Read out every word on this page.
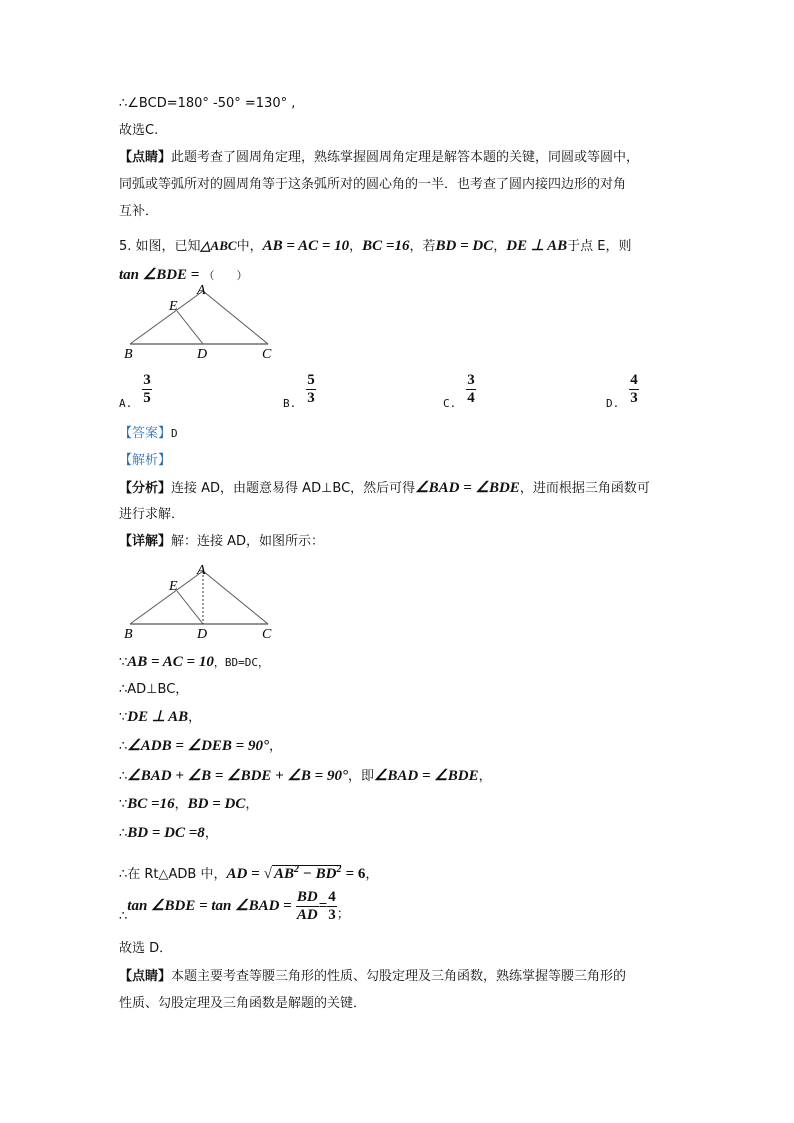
∴∠BCD=180° -50° =130° ,
故选C.
【点睛】此题考查了圆周角定理，熟练掌握圆周角定理是解答本题的关键，同圆或等圆中，
同弧或等弧所对的圆周角等于这条弧所对的圆心角的一半．也考查了圆内接四边形的对角
互补．
5. 如图，已知△ABC中，AB = AC = 10，BC =16，若BD = DC，DE ⊥ AB于点 E，则
tan ∠BDE = （　　）
A
E
B	D	C
$_{A.} \frac{3}{5}$	$_{B.} \frac{5}{3}$	$_{C.} \frac{3}{4}$	$_{D.} \frac{4}{3}$
【答案】D
【解析】
【分析】连接 AD，由题意易得 AD⊥BC，然后可得∠BAD = ∠BDE，进而根据三角函数可
进行求解．
【详解】解：连接 AD，如图所示：
A
E
B	D	C
∵AB = AC = 10，BD=DC，
∴AD⊥BC，
∵DE ⊥ AB，
∴∠ADB = ∠DEB = 90°，
∴∠BAD + ∠B = ∠BDE + ∠B = 90°，即∠BAD = ∠BDE，
∵BC =16，BD = DC，
∴BD = DC =8，
∴在 Rt△ADB 中，AD = √ $AB^2 - BD^2 = 6$，
∴tan ∠BDE = tan ∠BAD = $\frac{BD}{AD} = \frac{4}{3}$ ；
故选 D．
【点睛】本题主要考查等腰三角形的性质、勾股定理及三角函数，熟练掌握等腰三角形的
性质、勾股定理及三角函数是解题的关键．
